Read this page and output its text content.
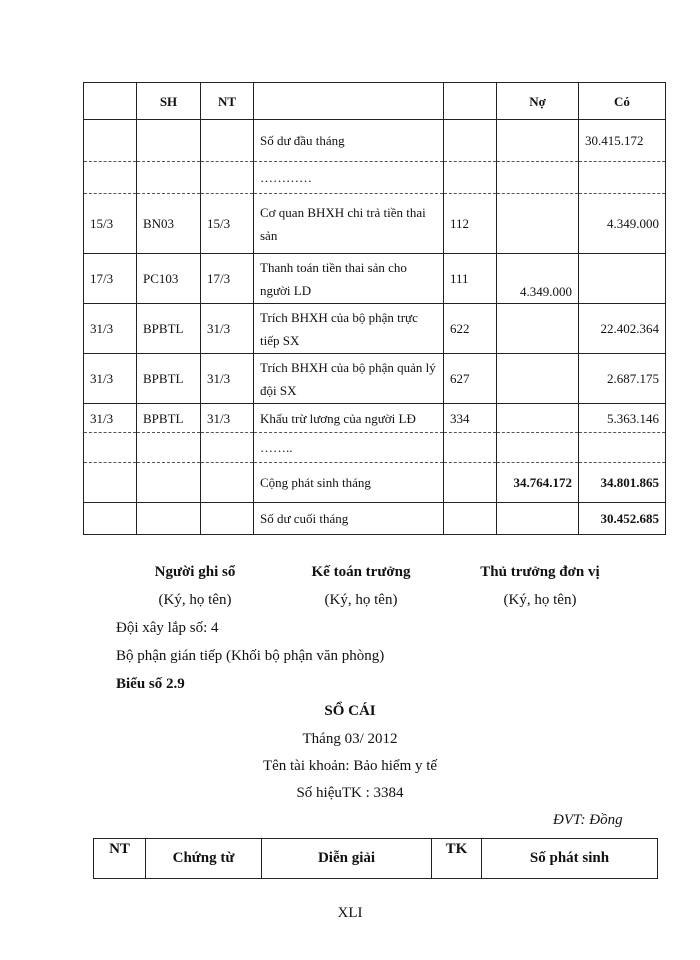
	SH	NT			Nợ	Có
			Số dư đầu tháng			30.415.172
			…………			
15/3	BN03	15/3	Cơ quan BHXH chi trả tiền thai sản	112		4.349.000
17/3	PC103	17/3	Thanh toán tiền thai sản cho người LD	111	4.349.000	
31/3	BPBTL	31/3	Trích BHXH của bộ phận trực tiếp SX	622		22.402.364
31/3	BPBTL	31/3	Trích BHXH của bộ phận quản lý đội SX	627		2.687.175
31/3	BPBTL	31/3	Khấu trừ lương của người LĐ	334		5.363.146
			……..			
			Cộng phát sinh tháng		34.764.172	34.801.865
			Số dư cuối tháng			30.452.685
Người ghi sổ
(Ký, họ tên)
Kế toán trưởng
(Ký, họ tên)
Thủ trưởng đơn vị
(Ký, họ tên)
Đội xây lắp số: 4
Bộ phận gián tiếp (Khối bộ phận văn phòng)
Biểu số 2.9
SỔ CÁI
Tháng 03/ 2012
Tên tài khoản: Bảo hiểm y tế
Số hiệuTK : 3384
ĐVT: Đồng
NT	Chứng từ	Diễn giải	TK	Số phát sinh
XLI
